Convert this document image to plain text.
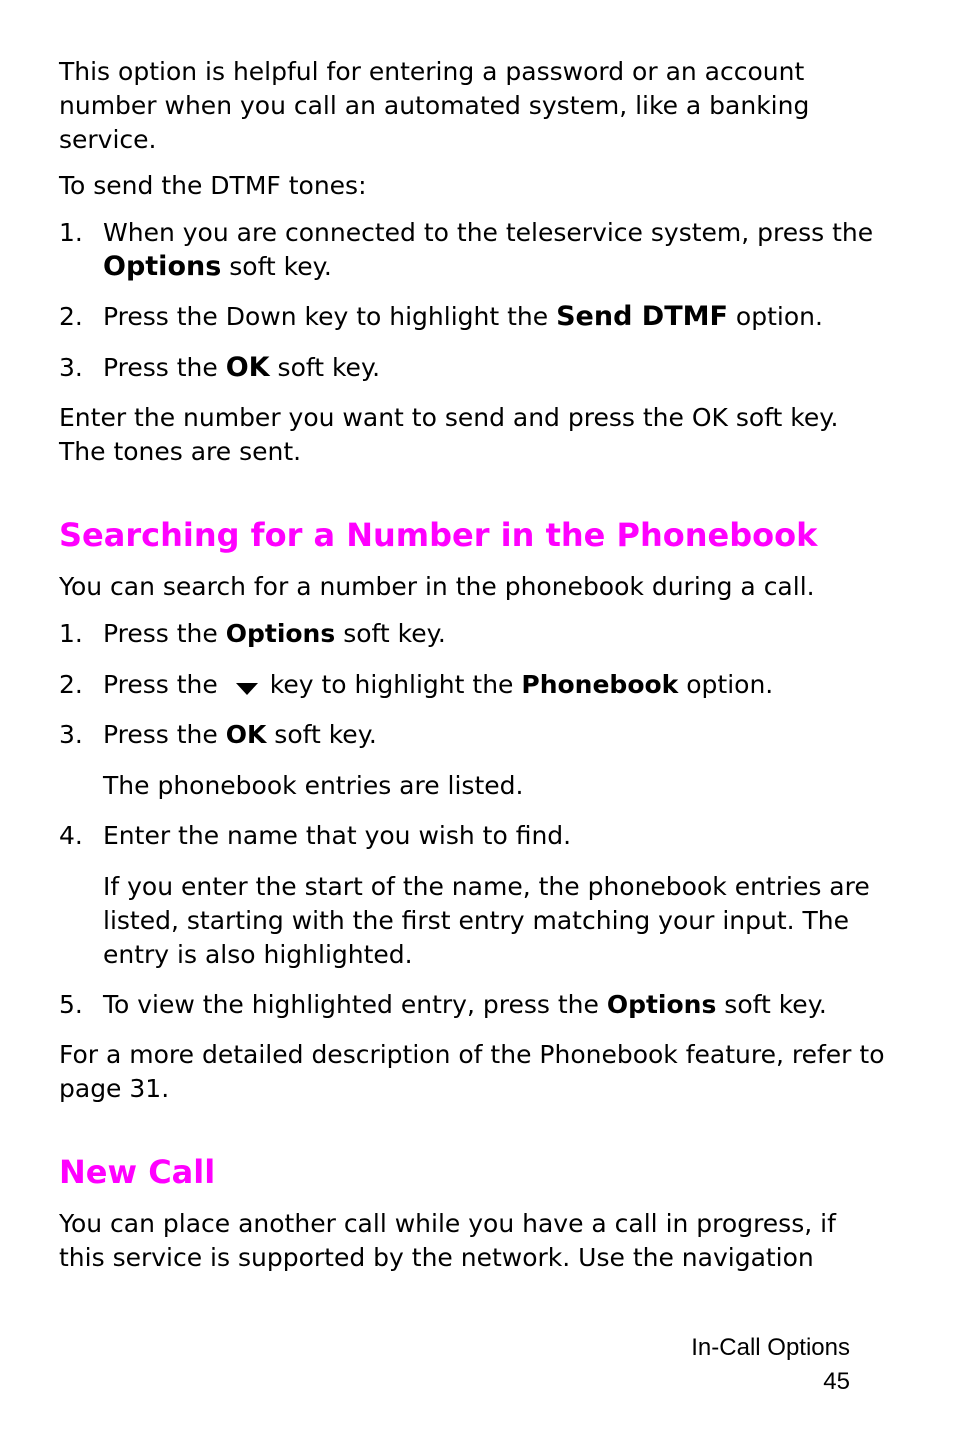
This option is helpful for entering a password or an account number when you call an automated system, like a banking service.

To send the DTMF tones:

1. When you are connected to the teleservice system, press the Options soft key.
2. Press the Down key to highlight the Send DTMF option.
3. Press the OK soft key.

Enter the number you want to send and press the OK soft key. The tones are sent.

Searching for a Number in the Phonebook

You can search for a number in the phonebook during a call.

1. Press the Options soft key.
2. Press the key to highlight the Phonebook option.
3. Press the OK soft key.

The phonebook entries are listed.

4. Enter the name that you wish to find.

If you enter the start of the name, the phonebook entries are listed, starting with the first entry matching your input. The entry is also highlighted.

5. To view the highlighted entry, press the Options soft key.

For a more detailed description of the Phonebook feature, refer to page 31.

New Call

You can place another call while you have a call in progress, if this service is supported by the network. Use the navigation

In-Call Options
45
